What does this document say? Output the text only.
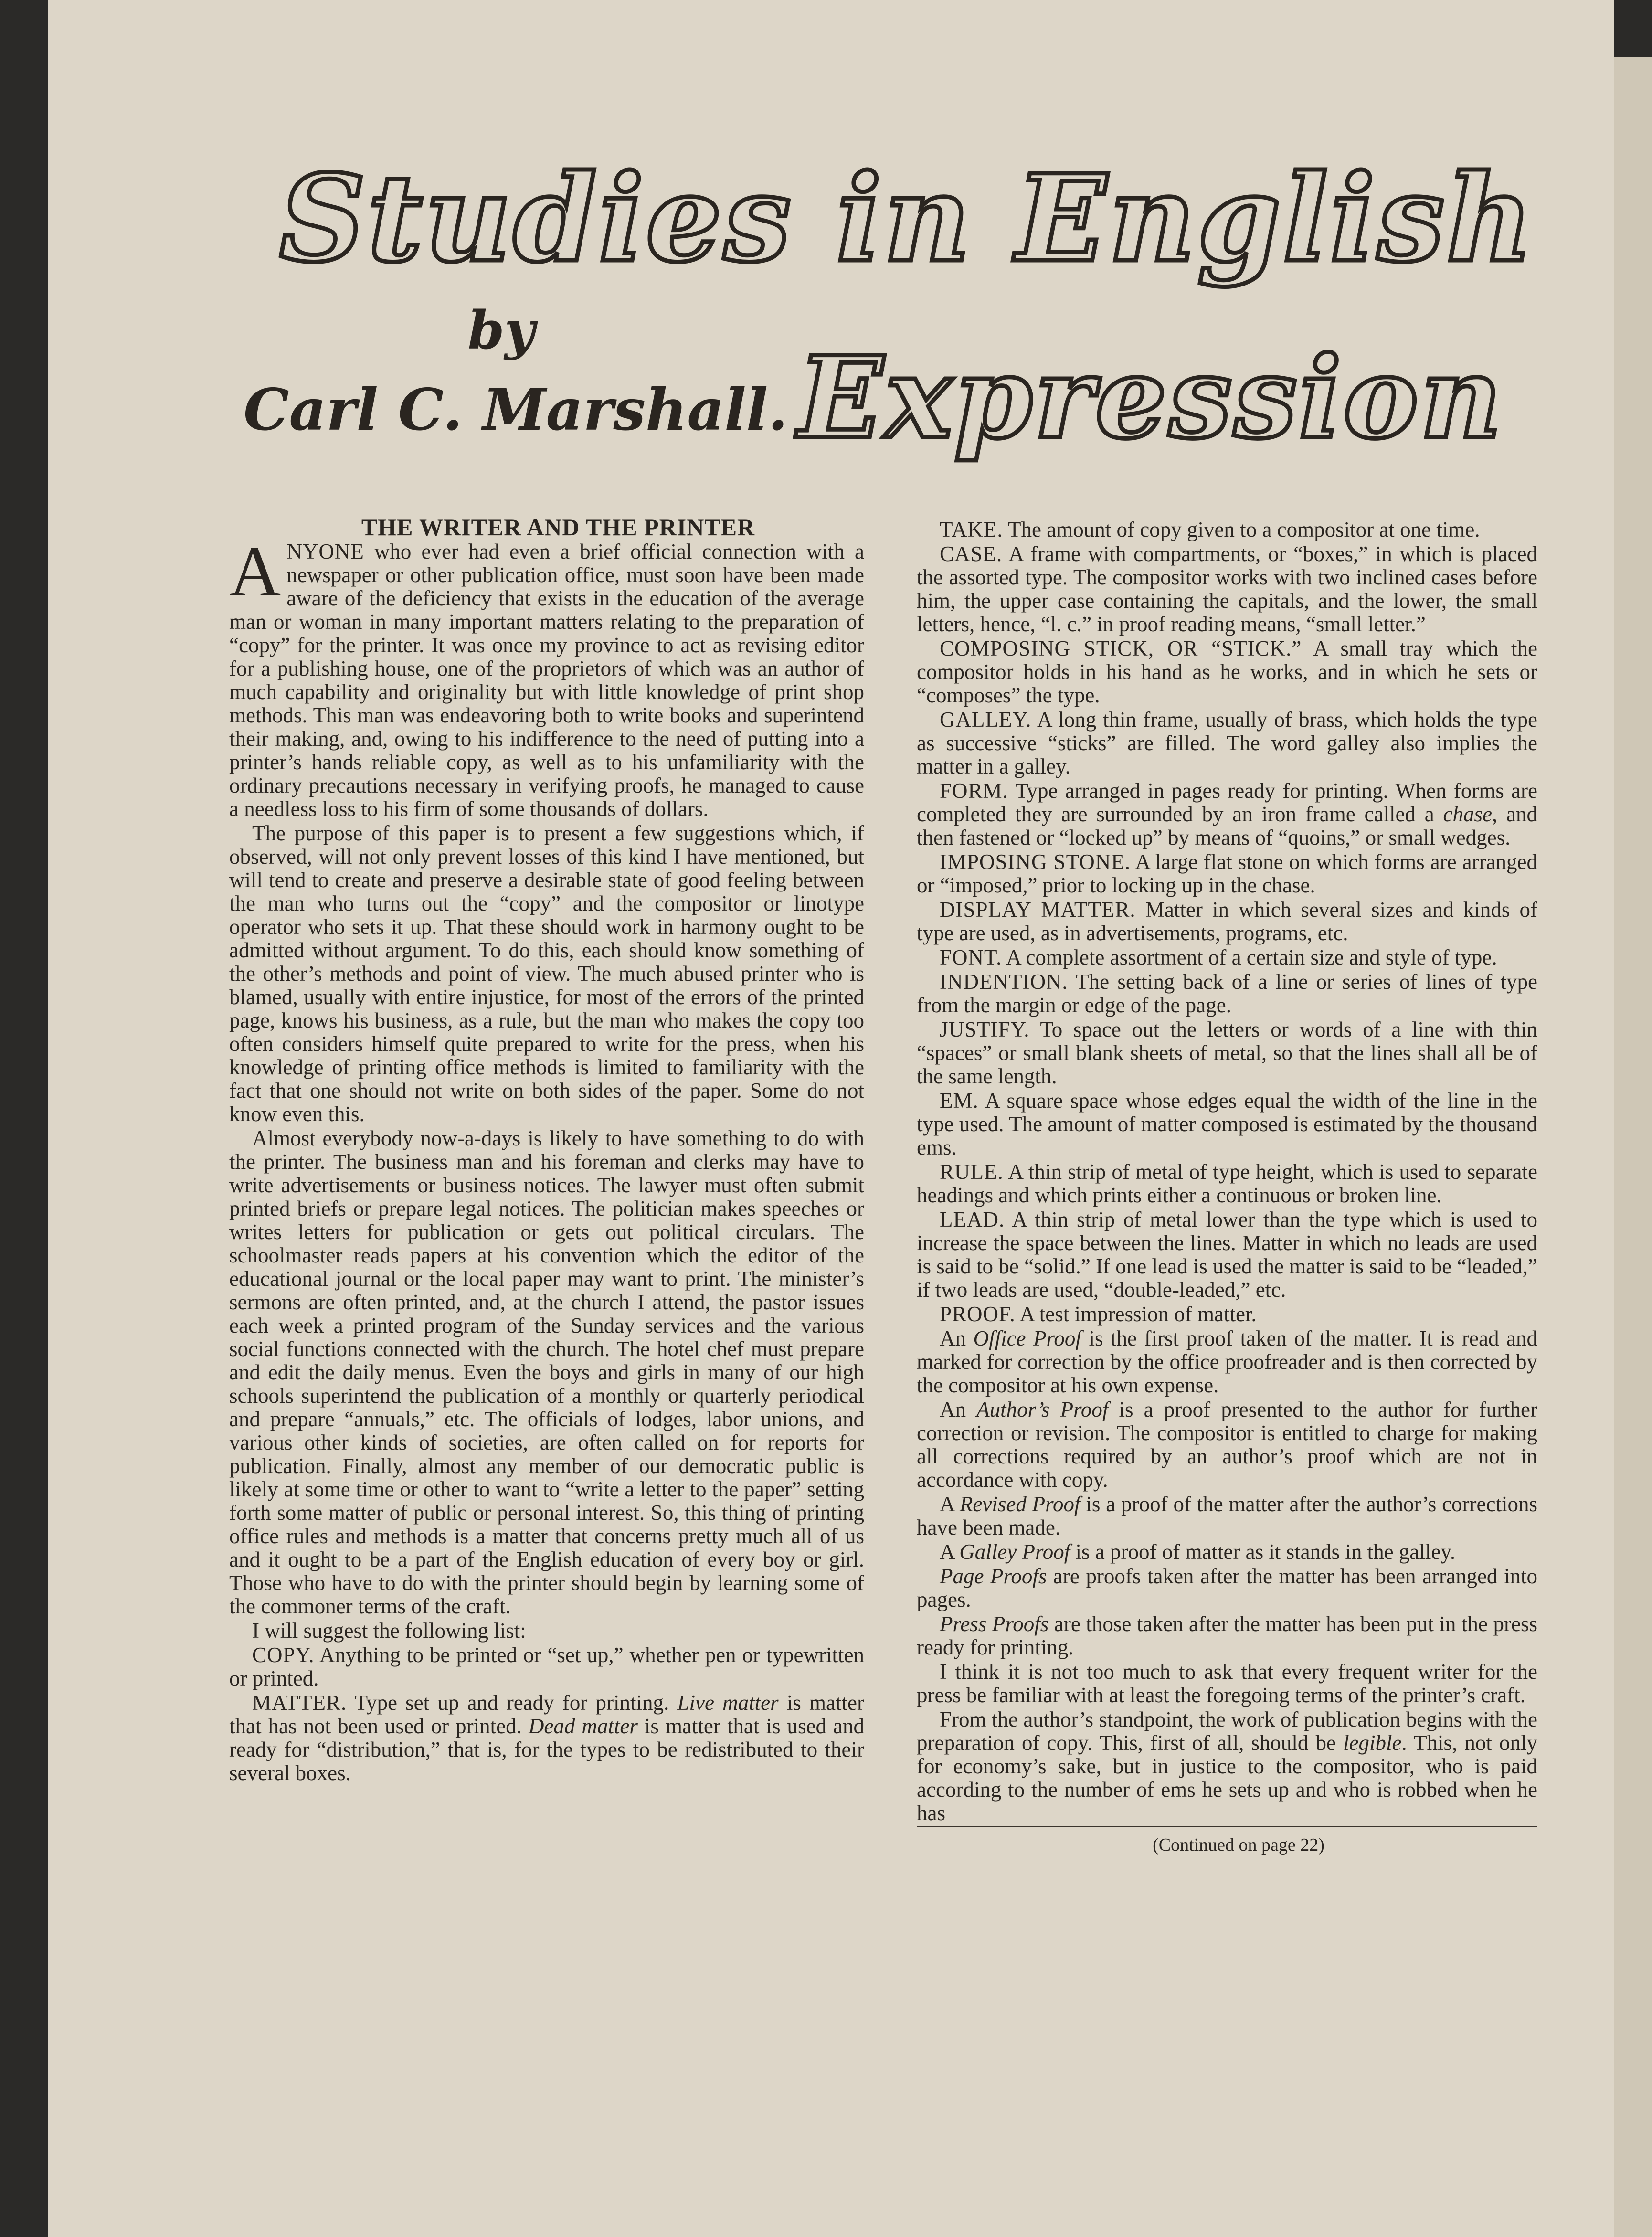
Studies in English
Expression
by
Carl C. Marshall.

THE WRITER AND THE PRINTER

ANYONE who ever had even a brief official connection with a newspaper or other publication office, must soon have been made aware of the deficiency that exists in the education of the average man or woman in many important matters relating to the preparation of “copy” for the printer. It was once my province to act as revising editor for a publishing house, one of the proprietors of which was an author of much capability and originality but with little knowledge of print shop methods. This man was endeavoring both to write books and superintend their making, and, owing to his indifference to the need of putting into a printer’s hands reliable copy, as well as to his unfamiliarity with the ordinary precautions necessary in verifying proofs, he managed to cause a needless loss to his firm of some thousands of dollars.

The purpose of this paper is to present a few suggestions which, if observed, will not only prevent losses of this kind I have mentioned, but will tend to create and preserve a desirable state of good feeling between the man who turns out the “copy” and the compositor or linotype operator who sets it up. That these should work in harmony ought to be admitted without argument. To do this, each should know something of the other’s methods and point of view. The much abused printer who is blamed, usually with entire injustice, for most of the errors of the printed page, knows his business, as a rule, but the man who makes the copy too often considers himself quite prepared to write for the press, when his knowledge of printing office methods is limited to familiarity with the fact that one should not write on both sides of the paper. Some do not know even this.

Almost everybody now-a-days is likely to have something to do with the printer. The business man and his foreman and clerks may have to write advertisements or business notices. The lawyer must often submit printed briefs or prepare legal notices. The politician makes speeches or writes letters for publication or gets out political circulars. The schoolmaster reads papers at his convention which the editor of the educational journal or the local paper may want to print. The minister’s sermons are often printed, and, at the church I attend, the pastor issues each week a printed program of the Sunday services and the various social functions connected with the church. The hotel chef must prepare and edit the daily menus. Even the boys and girls in many of our high schools superintend the publication of a monthly or quarterly periodical and prepare “annuals,” etc. The officials of lodges, labor unions, and various other kinds of societies, are often called on for reports for publication. Finally, almost any member of our democratic public is likely at some time or other to want to “write a letter to the paper” setting forth some matter of public or personal interest. So, this thing of printing office rules and methods is a matter that concerns pretty much all of us and it ought to be a part of the English education of every boy or girl. Those who have to do with the printer should begin by learning some of the commoner terms of the craft.

I will suggest the following list:

COPY. Anything to be printed or “set up,” whether pen or typewritten or printed.

MATTER. Type set up and ready for printing. Live matter is matter that has not been used or printed. Dead matter is matter that is used and ready for “distribution,” that is, for the types to be redistributed to their several boxes.

TAKE. The amount of copy given to a compositor at one time.

CASE. A frame with compartments, or “boxes,” in which is placed the assorted type. The compositor works with two inclined cases before him, the upper case containing the capitals, and the lower, the small letters, hence, “l. c.” in proof reading means, “small letter.”

COMPOSING STICK, OR “STICK.” A small tray which the compositor holds in his hand as he works, and in which he sets or “composes” the type.

GALLEY. A long thin frame, usually of brass, which holds the type as successive “sticks” are filled. The word galley also implies the matter in a galley.

FORM. Type arranged in pages ready for printing. When forms are completed they are surrounded by an iron frame called a chase, and then fastened or “locked up” by means of “quoins,” or small wedges.

IMPOSING STONE. A large flat stone on which forms are arranged or “imposed,” prior to locking up in the chase.

DISPLAY MATTER. Matter in which several sizes and kinds of type are used, as in advertisements, programs, etc.

FONT. A complete assortment of a certain size and style of type.

INDENTION. The setting back of a line or series of lines of type from the margin or edge of the page.

JUSTIFY. To space out the letters or words of a line with thin “spaces” or small blank sheets of metal, so that the lines shall all be of the same length.

EM. A square space whose edges equal the width of the line in the type used. The amount of matter composed is estimated by the thousand ems.

RULE. A thin strip of metal of type height, which is used to separate headings and which prints either a continuous or broken line.

LEAD. A thin strip of metal lower than the type which is used to increase the space between the lines. Matter in which no leads are used is said to be “solid.” If one lead is used the matter is said to be “leaded,” if two leads are used, “double-leaded,” etc.

PROOF. A test impression of matter.

An Office Proof is the first proof taken of the matter. It is read and marked for correction by the office proofreader and is then corrected by the compositor at his own expense.

An Author’s Proof is a proof presented to the author for further correction or revision. The compositor is entitled to charge for making all corrections required by an author’s proof which are not in accordance with copy.

A Revised Proof is a proof of the matter after the author’s corrections have been made.

A Galley Proof is a proof of matter as it stands in the galley.

Page Proofs are proofs taken after the matter has been arranged into pages.

Press Proofs are those taken after the matter has been put in the press ready for printing.

I think it is not too much to ask that every frequent writer for the press be familiar with at least the foregoing terms of the printer’s craft.

From the author’s standpoint, the work of publication begins with the preparation of copy. This, first of all, should be legible. This, not only for economy’s sake, but in justice to the compositor, who is paid according to the number of ems he sets up and who is robbed when he has

(Continued on page 22)
